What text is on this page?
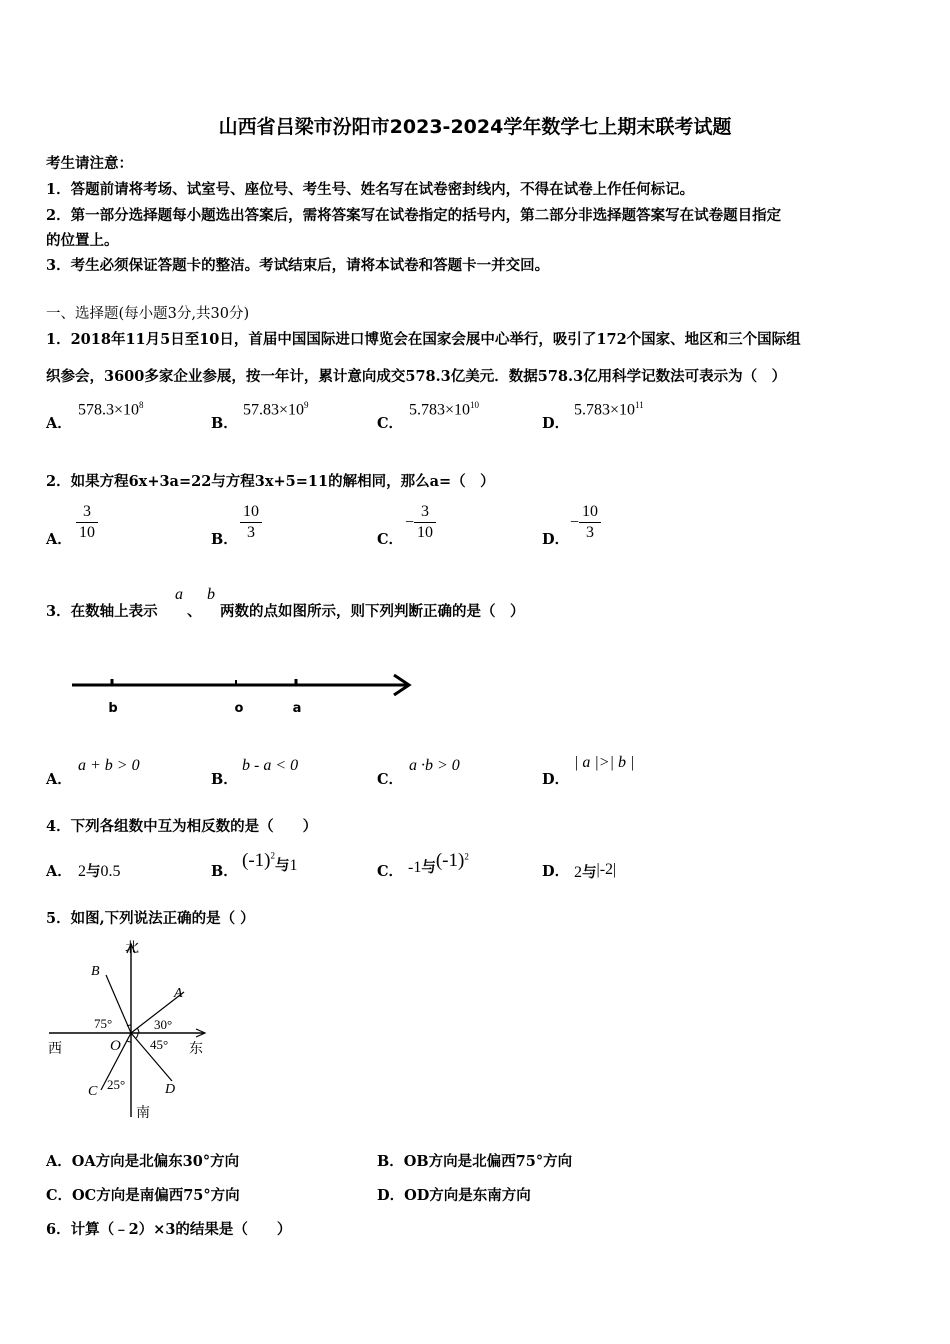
山西省吕梁市汾阳市2023-2024学年数学七上期末联考试题
考生请注意：
1．答题前请将考场、试室号、座位号、考生号、姓名写在试卷密封线内，不得在试卷上作任何标记。
2．第一部分选择题每小题选出答案后，需将答案写在试卷指定的括号内，第二部分非选择题答案写在试卷题目指定
的位置上。
3．考生必须保证答题卡的整洁。考试结束后，请将本试卷和答题卡一并交回。
一、选择题(每小题3分,共30分)
1．2018年11月5日至10日，首届中国国际进口博览会在国家会展中心举行，吸引了172个国家、地区和三个国际组
织参会，3600多家企业参展，按一年计，累计意向成交578.3亿美元．数据578.3亿用科学记数法可表示为（　）
A．
$578.3\times 10^8$
B．
$57.83\times 10^9$
C．
$5.783\times 10^{10}$
D．
$5.783\times 10^{11}$
2．如果方程6x+3a=22与方程3x+5=11的解相同，那么a=（　）
A． $\frac{3}{10}$	B． $\frac{10}{3}$	C．
− $\frac{3}{10}$	D．
− $\frac{10}{3}$
3．在数轴上表示
a
、
b
两数的点如图所示，则下列判断正确的是（　）
b	o	a
A．
a + b > 0
B．
b - a < 0
C．
a ·b > 0
D．
| a |>| b |
4．下列各组数中互为相反数的是（　　）
A． 2与0.5	B．
$(-1)^2_{与1}$	C． -1与$(-1)^2$
D． 2与|-2|
5．如图,下列说法正确的是（ ）
北
南
西	东
B
A
C	D
O
30°
75°
45°
25°
A．OA方向是北偏东30°方向	B．OB方向是北偏西75°方向
C．OC方向是南偏西75°方向	D．OD方向是东南方向
6．计算（﹣2）×3的结果是（　　）
